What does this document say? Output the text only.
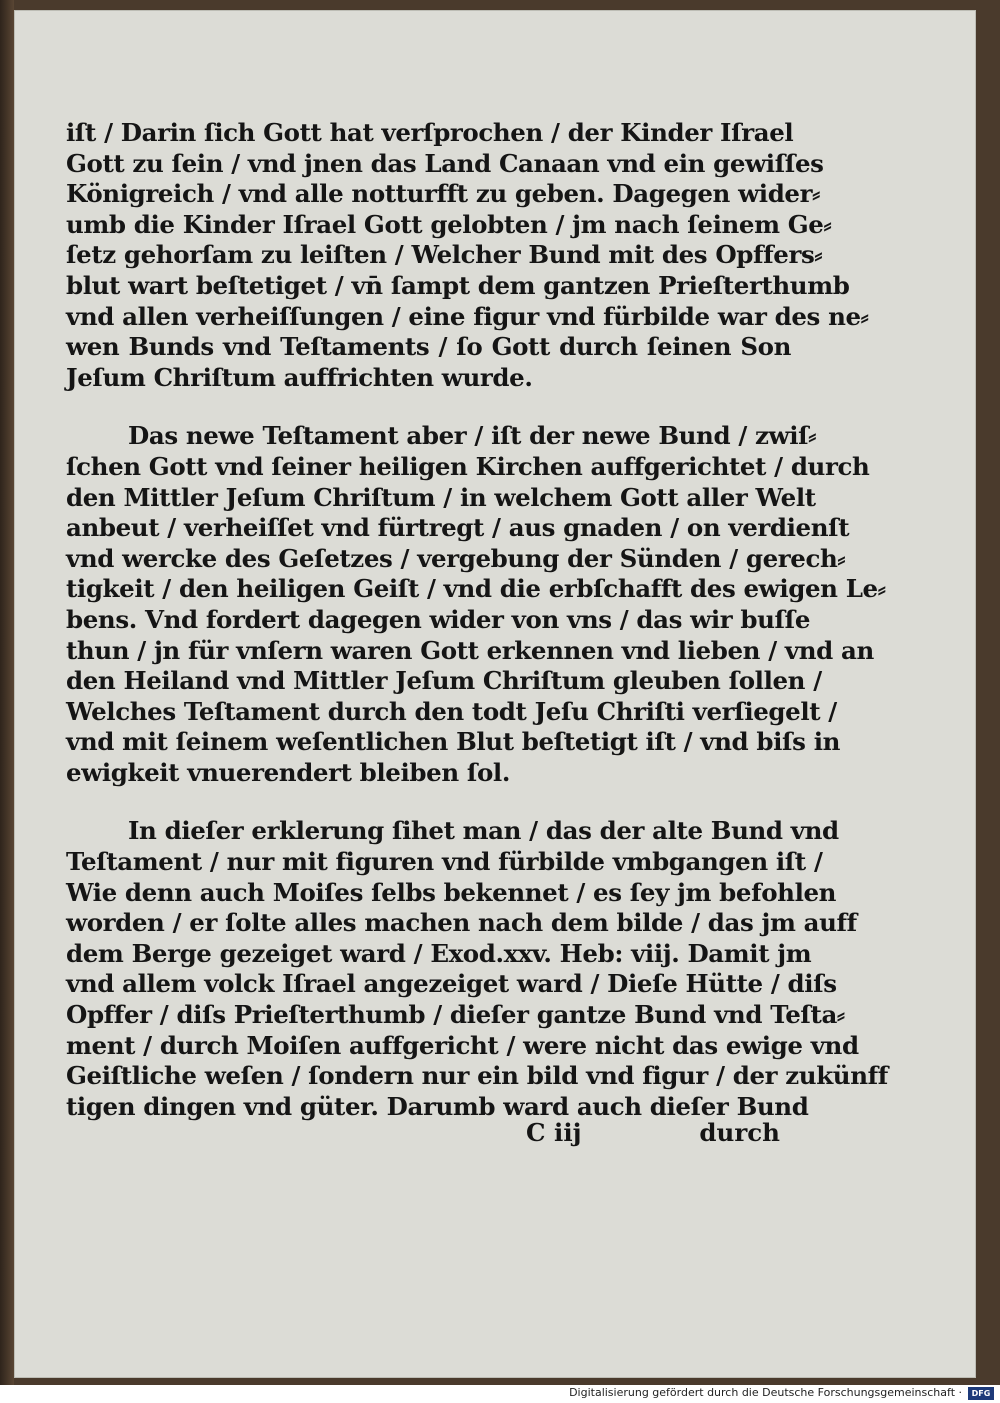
iſt / Darin ſich Gott hat verſprochen / der Kinder Iſrael
Gott zu ſein / vnd jnen das Land Canaan vnd ein gewiſſes
Königreich / vnd alle notturfft zu geben. Dagegen wider⸗
umb die Kinder Iſrael Gott gelobten / jm nach ſeinem Ge⸗
ſetz gehorſam zu leiſten / Welcher Bund mit des Opffers⸗
blut wart beſtetiget / vn̄ ſampt dem gantzen Prieſterthumb
vnd allen verheiſſungen / eine figur vnd fürbilde war des ne⸗
wen Bunds vnd Teſtaments / ſo Gott durch ſeinen Son
Jeſum Chriſtum auffrichten wurde.
Das newe Teſtament aber / iſt der newe Bund / zwiſ⸗
ſchen Gott vnd ſeiner heiligen Kirchen auffgerichtet / durch
den Mittler Jeſum Chriſtum / in welchem Gott aller Welt
anbeut / verheiſſet vnd fürtregt / aus gnaden / on verdienſt
vnd wercke des Geſetzes / vergebung der Sünden / gerech⸗
tigkeit / den heiligen Geiſt / vnd die erbſchafft des ewigen Le⸗
bens. Vnd fordert dagegen wider von vns / das wir buſſe
thun / jn für vnſern waren Gott erkennen vnd lieben / vnd an
den Heiland vnd Mittler Jeſum Chriſtum gleuben ſollen /
Welches Teſtament durch den todt Jeſu Chriſti verſiegelt /
vnd mit ſeinem weſentlichen Blut beſtetigt iſt / vnd biſs in
ewigkeit vnuerendert bleiben ſol.
In dieſer erklerung ſihet man / das der alte Bund vnd
Teſtament / nur mit figuren vnd fürbilde vmbgangen iſt /
Wie denn auch Moiſes ſelbs bekennet / es ſey jm befohlen
worden / er ſolte alles machen nach dem bilde / das jm auff
dem Berge gezeiget ward / Exod.xxv. Heb: viij. Damit jm
vnd allem volck Iſrael angezeiget ward / Dieſe Hütte / diſs
Opffer / diſs Prieſterthumb / dieſer gantze Bund vnd Teſta⸗
ment / durch Moiſen auffgericht / were nicht das ewige vnd
Geiſtliche weſen / ſondern nur ein bild vnd figur / der zukünff
tigen dingen vnd güter. Darumb ward auch dieſer Bund
C iij	durch
Digitalisierung gefördert durch die Deutsche Forschungsgemeinschaft ·	DFG
